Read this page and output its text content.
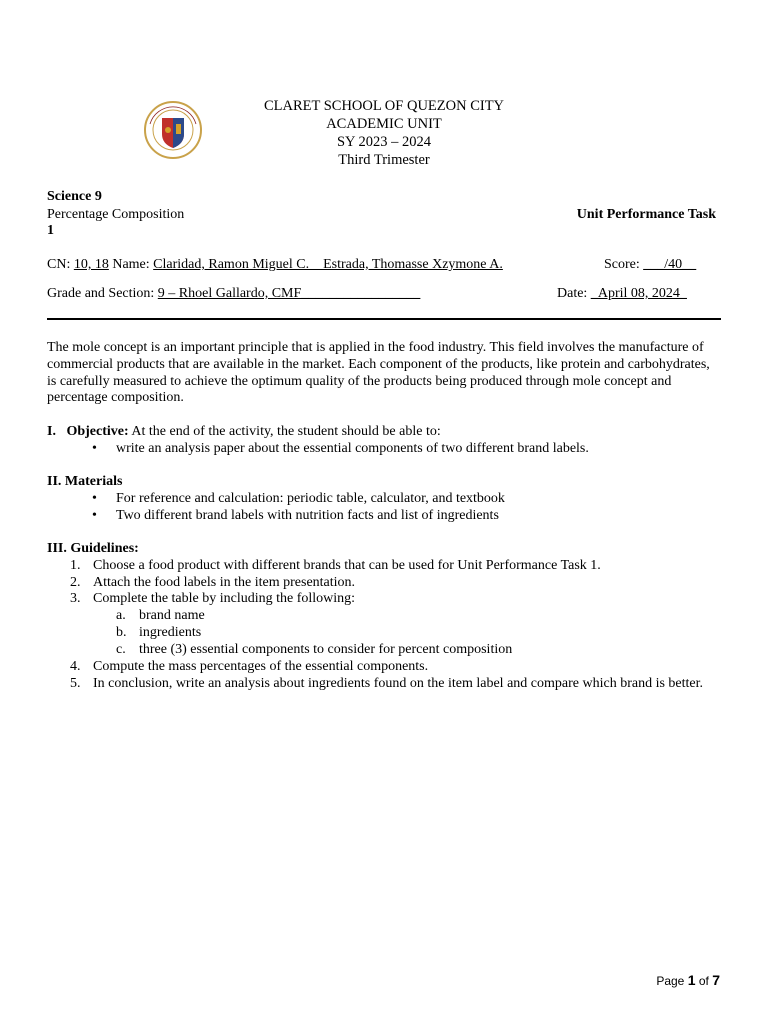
CLARET SCHOOL OF QUEZON CITY
ACADEMIC UNIT
SY 2023 – 2024
Third Trimester
Science 9
Percentage Composition	Unit Performance Task
1
CN: 10, 18 Name: Claridad, Ramon Miguel C.    Estrada, Thomasse Xzymone A.	Score: ___/40__
Grade and Section: 9 – Rhoel Gallardo, CMF_________________	Date: _April 08, 2024_
The mole concept is an important principle that is applied in the food industry. This field involves the manufacture of commercial products that are available in the market. Each component of the products, like protein and carbohydrates, is carefully measured to achieve the optimum quality of the products being produced through mole concept and percentage composition.
I. Objective: At the end of the activity, the student should be able to:
• write an analysis paper about the essential components of two different brand labels.
II. Materials
• For reference and calculation: periodic table, calculator, and textbook
• Two different brand labels with nutrition facts and list of ingredients
III. Guidelines:
1. Choose a food product with different brands that can be used for Unit Performance Task 1.
2. Attach the food labels in the item presentation.
3. Complete the table by including the following:
a. brand name
b. ingredients
c. three (3) essential components to consider for percent composition
4. Compute the mass percentages of the essential components.
5. In conclusion, write an analysis about ingredients found on the item label and compare which brand is better.
Page 1 of 7
